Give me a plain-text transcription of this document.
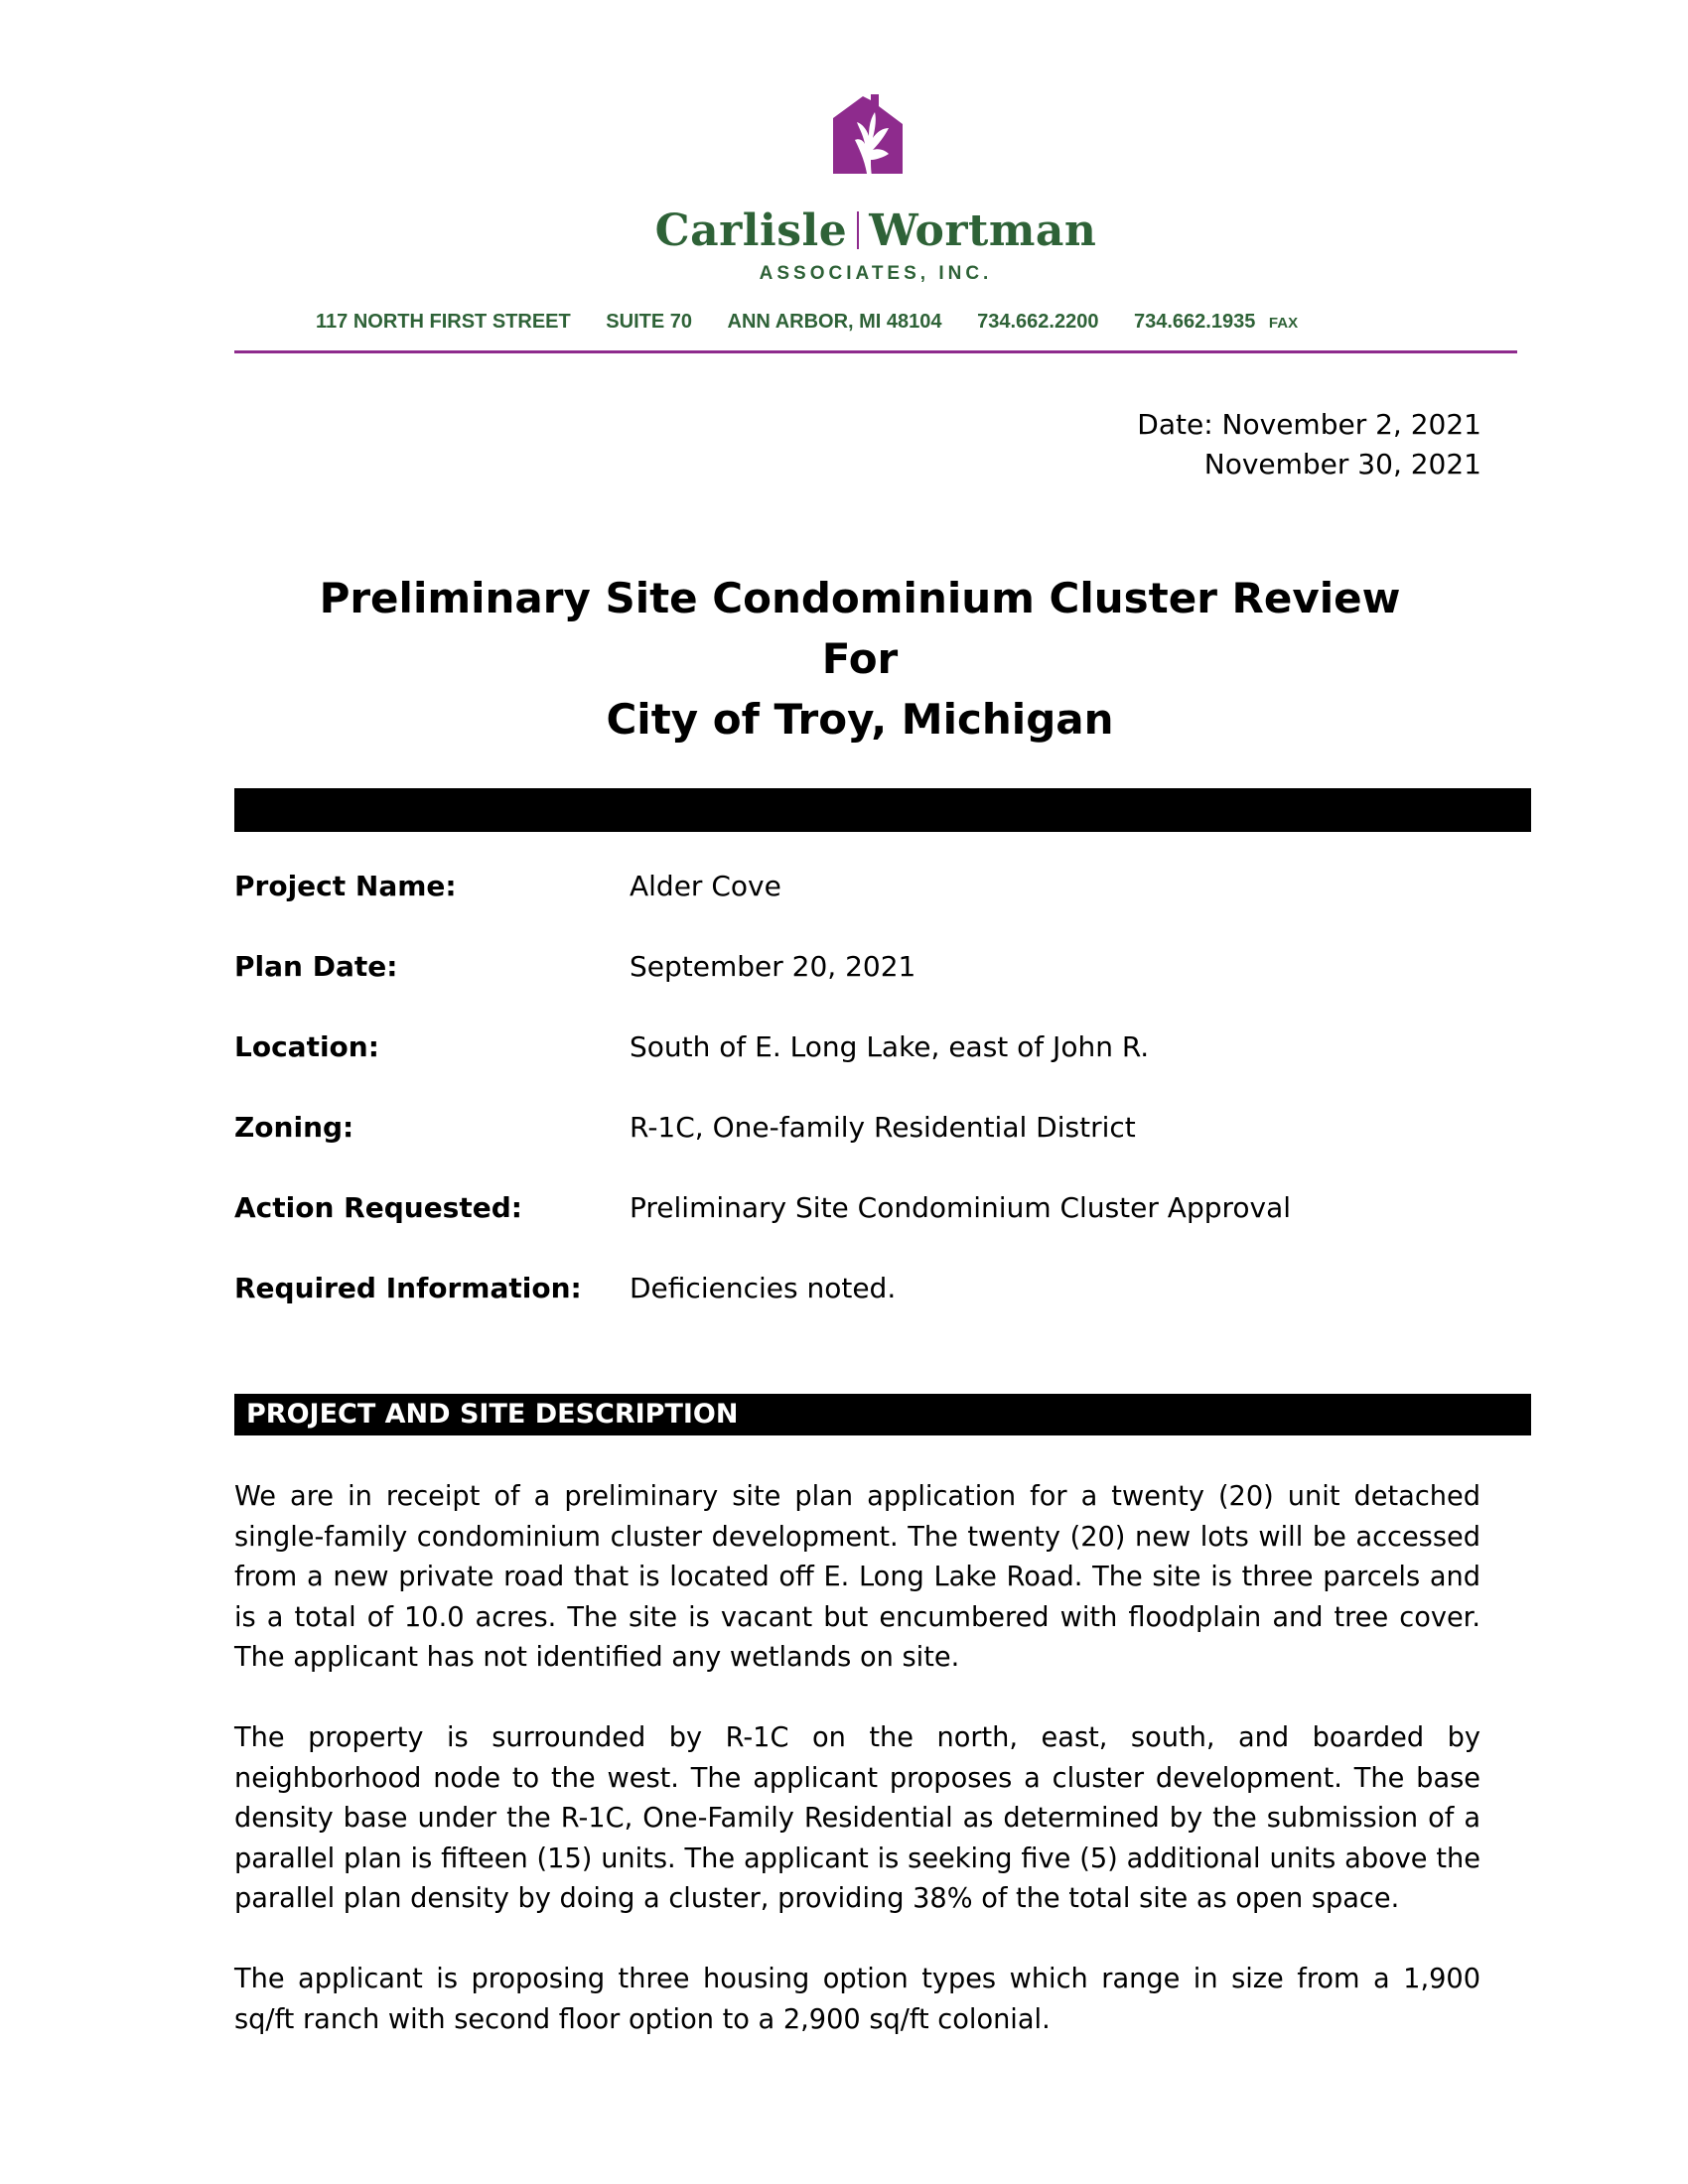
Carlisle Wortman
ASSOCIATES, INC.
117 NORTH FIRST STREET SUITE 70 ANN ARBOR, MI 48104 734.662.2200 734.662.1935 FAX
Date: November 2, 2021
November 30, 2021
Preliminary Site Condominium Cluster Review
For
City of Troy, Michigan
Project Name:	Alder Cove
Plan Date:	September 20, 2021
Location:	South of E. Long Lake, east of John R.
Zoning:	R-1C, One-family Residential District
Action Requested:	Preliminary Site Condominium Cluster Approval
Required Information: Deficiencies noted.
PROJECT AND SITE DESCRIPTION

We are in receipt of a preliminary site plan application for a twenty (20) unit detached single-family condominium cluster development. The twenty (20) new lots will be accessed from a new private road that is located off E. Long Lake Road. The site is three parcels and is a total of 10.0 acres. The site is vacant but encumbered with floodplain and tree cover. The applicant has not identified any wetlands on site.

The property is surrounded by R-1C on the north, east, south, and boarded by neighborhood node to the west. The applicant proposes a cluster development. The base density base under the R-1C, One-Family Residential as determined by the submission of a parallel plan is fifteen (15) units. The applicant is seeking five (5) additional units above the parallel plan density by doing a cluster, providing 38% of the total site as open space.

The applicant is proposing three housing option types which range in size from a 1,900 sq/ft ranch with second floor option to a 2,900 sq/ft colonial.
